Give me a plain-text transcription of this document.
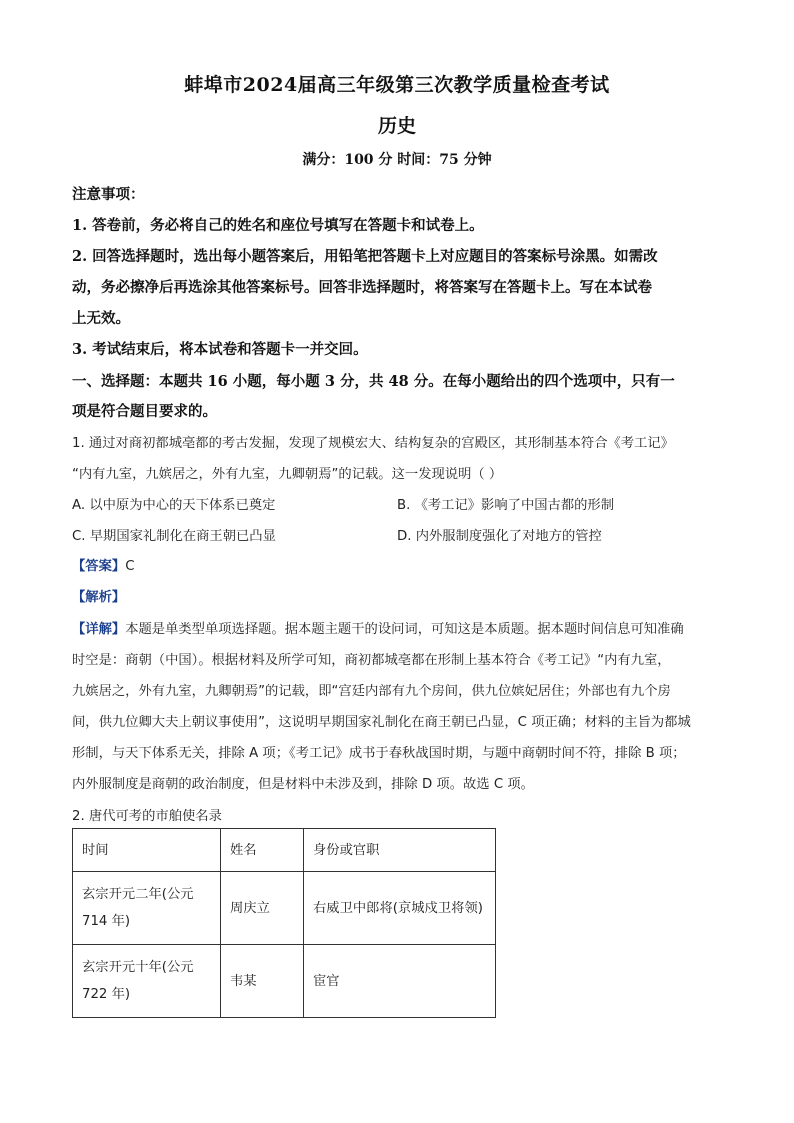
蚌埠市2024届高三年级第三次教学质量检查考试
历史
满分：100 分 时间：75 分钟
注意事项：
1. 答卷前，务必将自己的姓名和座位号填写在答题卡和试卷上。
2. 回答选择题时，选出每小题答案后，用铅笔把答题卡上对应题目的答案标号涂黑。如需改
动，务必擦净后再选涂其他答案标号。回答非选择题时，将答案写在答题卡上。写在本试卷
上无效。
3. 考试结束后，将本试卷和答题卡一并交回。
一、选择题：本题共 16 小题，每小题 3 分，共 48 分。在每小题给出的四个选项中，只有一
项是符合题目要求的。
1. 通过对商初都城亳都的考古发掘，发现了规模宏大、结构复杂的宫殿区，其形制基本符合《考工记》
“内有九室，九嫔居之，外有九室，九卿朝焉”的记载。这一发现说明（ ）
A. 以中原为中心的天下体系已奠定	B. 《考工记》影响了中国古都的形制
C. 早期国家礼制化在商王朝已凸显	D. 内外服制度强化了对地方的管控
【答案】C
【解析】
【详解】本题是单类型单项选择题。据本题主题干的设问词，可知这是本质题。据本题时间信息可知准确
时空是：商朝（中国）。根据材料及所学可知，商初都城亳都在形制上基本符合《考工记》“内有九室，
九嫔居之，外有九室，九卿朝焉”的记载，即“宫廷内部有九个房间，供九位嫔妃居住；外部也有九个房
间，供九位卿大夫上朝议事使用”，这说明早期国家礼制化在商王朝已凸显，C 项正确；材料的主旨为都城
形制，与天下体系无关，排除 A 项；《考工记》成书于春秋战国时期，与题中商朝时间不符，排除 B 项；
内外服制度是商朝的政治制度，但是材料中未涉及到，排除 D 项。故选 C 项。
2. 唐代可考的市舶使名录
时间	姓名	身份或官职

玄宗开元二年(公元
714 年)	周庆立	右威卫中郎将(京城戍卫将领)

玄宗开元十年(公元
722 年)	韦某	宦官
